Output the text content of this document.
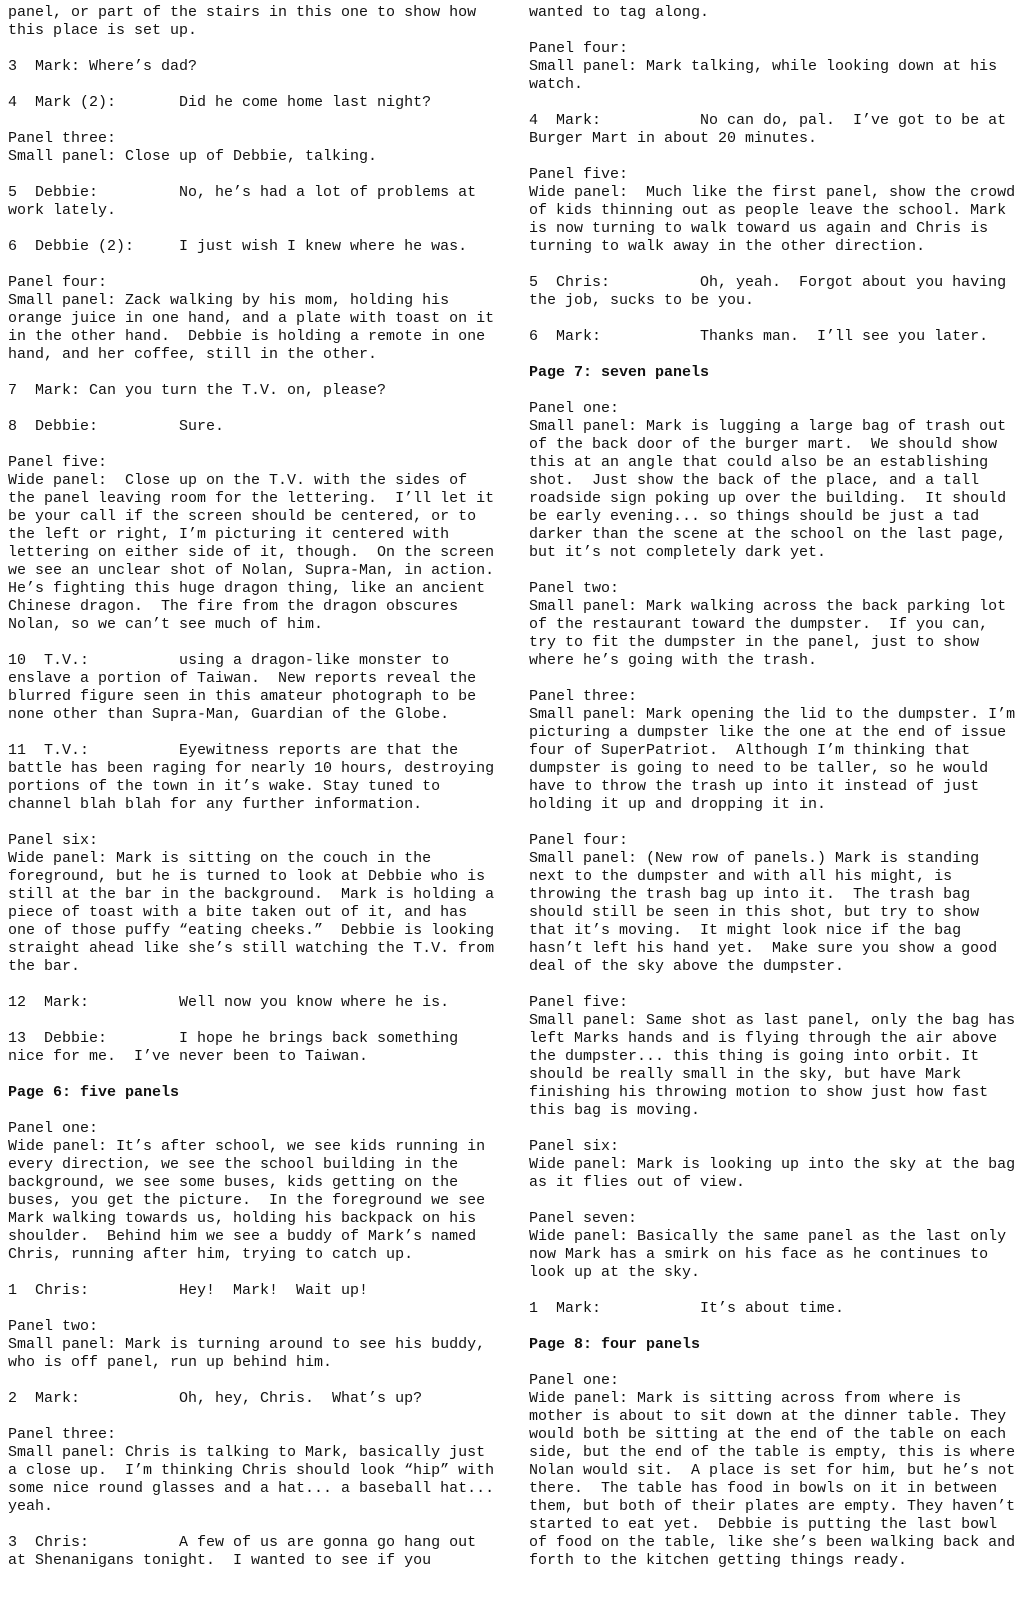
panel, or part of the stairs in this one to show how this place is set up.

3  Mark: Where’s dad?

4  Mark (2):       Did he come home last night?

Panel three:
Small panel: Close up of Debbie, talking.

5  Debbie:         No, he’s had a lot of problems at work lately.

6  Debbie (2):     I just wish I knew where he was.

Panel four:
Small panel: Zack walking by his mom, holding his orange juice in one hand, and a plate with toast on it in the other hand.  Debbie is holding a remote in one hand, and her coffee, still in the other.

7  Mark: Can you turn the T.V. on, please?

8  Debbie:         Sure.

Panel five:
Wide panel:  Close up on the T.V. with the sides of the panel leaving room for the lettering.  I’ll let it be your call if the screen should be centered, or to the left or right, I’m picturing it centered with lettering on either side of it, though.  On the screen we see an unclear shot of Nolan, Supra-Man, in action.  He’s fighting this huge dragon thing, like an ancient Chinese dragon.  The fire from the dragon obscures Nolan, so we can’t see much of him.

10  T.V.:          using a dragon-like monster to enslave a portion of Taiwan.  New reports reveal the blurred figure seen in this amateur photograph to be none other than Supra-Man, Guardian of the Globe.

11  T.V.:          Eyewitness reports are that the battle has been raging for nearly 10 hours, destroying portions of the town in it’s wake. Stay tuned to channel blah blah for any further information.

Panel six:
Wide panel: Mark is sitting on the couch in the foreground, but he is turned to look at Debbie who is still at the bar in the background.  Mark is holding a piece of toast with a bite taken out of it, and has one of those puffy “eating cheeks.”  Debbie is looking straight ahead like she’s still watching the T.V. from the bar.

12  Mark:          Well now you know where he is.

13  Debbie:        I hope he brings back something nice for me.  I’ve never been to Taiwan.

Page 6: five panels

Panel one:
Wide panel: It’s after school, we see kids running in every direction, we see the school building in the background, we see some buses, kids getting on the buses, you get the picture.  In the foreground we see Mark walking towards us, holding his backpack on his shoulder.  Behind him we see a buddy of Mark’s named Chris, running after him, trying to catch up.

1  Chris:          Hey!  Mark!  Wait up!

Panel two:
Small panel: Mark is turning around to see his buddy, who is off panel, run up behind him.

2  Mark:           Oh, hey, Chris.  What’s up?

Panel three:
Small panel: Chris is talking to Mark, basically just a close up.  I’m thinking Chris should look “hip” with some nice round glasses and a hat... a baseball hat... yeah.

3  Chris:          A few of us are gonna go hang out at Shenanigans tonight.  I wanted to see if you

wanted to tag along.

Panel four:
Small panel: Mark talking, while looking down at his watch.

4  Mark:           No can do, pal.  I’ve got to be at Burger Mart in about 20 minutes.

Panel five:
Wide panel:  Much like the first panel, show the crowd of kids thinning out as people leave the school. Mark is now turning to walk toward us again and Chris is turning to walk away in the other direction.

5  Chris:          Oh, yeah.  Forgot about you having the job, sucks to be you.

6  Mark:           Thanks man.  I’ll see you later.

Page 7: seven panels

Panel one:
Small panel: Mark is lugging a large bag of trash out of the back door of the burger mart.  We should show this at an angle that could also be an establishing shot.  Just show the back of the place, and a tall roadside sign poking up over the building.  It should be early evening... so things should be just a tad darker than the scene at the school on the last page, but it’s not completely dark yet.

Panel two:
Small panel: Mark walking across the back parking lot of the restaurant toward the dumpster.  If you can, try to fit the dumpster in the panel, just to show where he’s going with the trash.

Panel three:
Small panel: Mark opening the lid to the dumpster. I’m picturing a dumpster like the one at the end of issue four of SuperPatriot.  Although I’m thinking that dumpster is going to need to be taller, so he would have to throw the trash up into it instead of just holding it up and dropping it in.

Panel four:
Small panel: (New row of panels.) Mark is standing next to the dumpster and with all his might, is throwing the trash bag up into it.  The trash bag should still be seen in this shot, but try to show that it’s moving.  It might look nice if the bag hasn’t left his hand yet.  Make sure you show a good deal of the sky above the dumpster.

Panel five:
Small panel: Same shot as last panel, only the bag has left Marks hands and is flying through the air above the dumpster... this thing is going into orbit. It should be really small in the sky, but have Mark finishing his throwing motion to show just how fast this bag is moving.

Panel six:
Wide panel: Mark is looking up into the sky at the bag as it flies out of view.

Panel seven:
Wide panel: Basically the same panel as the last only now Mark has a smirk on his face as he continues to look up at the sky.

1  Mark:           It’s about time.

Page 8: four panels

Panel one:
Wide panel: Mark is sitting across from where is mother is about to sit down at the dinner table. They would both be sitting at the end of the table on each side, but the end of the table is empty, this is where Nolan would sit.  A place is set for him, but he’s not there.  The table has food in bowls on it in between them, but both of their plates are empty. They haven’t started to eat yet.  Debbie is putting the last bowl of food on the table, like she’s been walking back and forth to the kitchen getting things ready.
